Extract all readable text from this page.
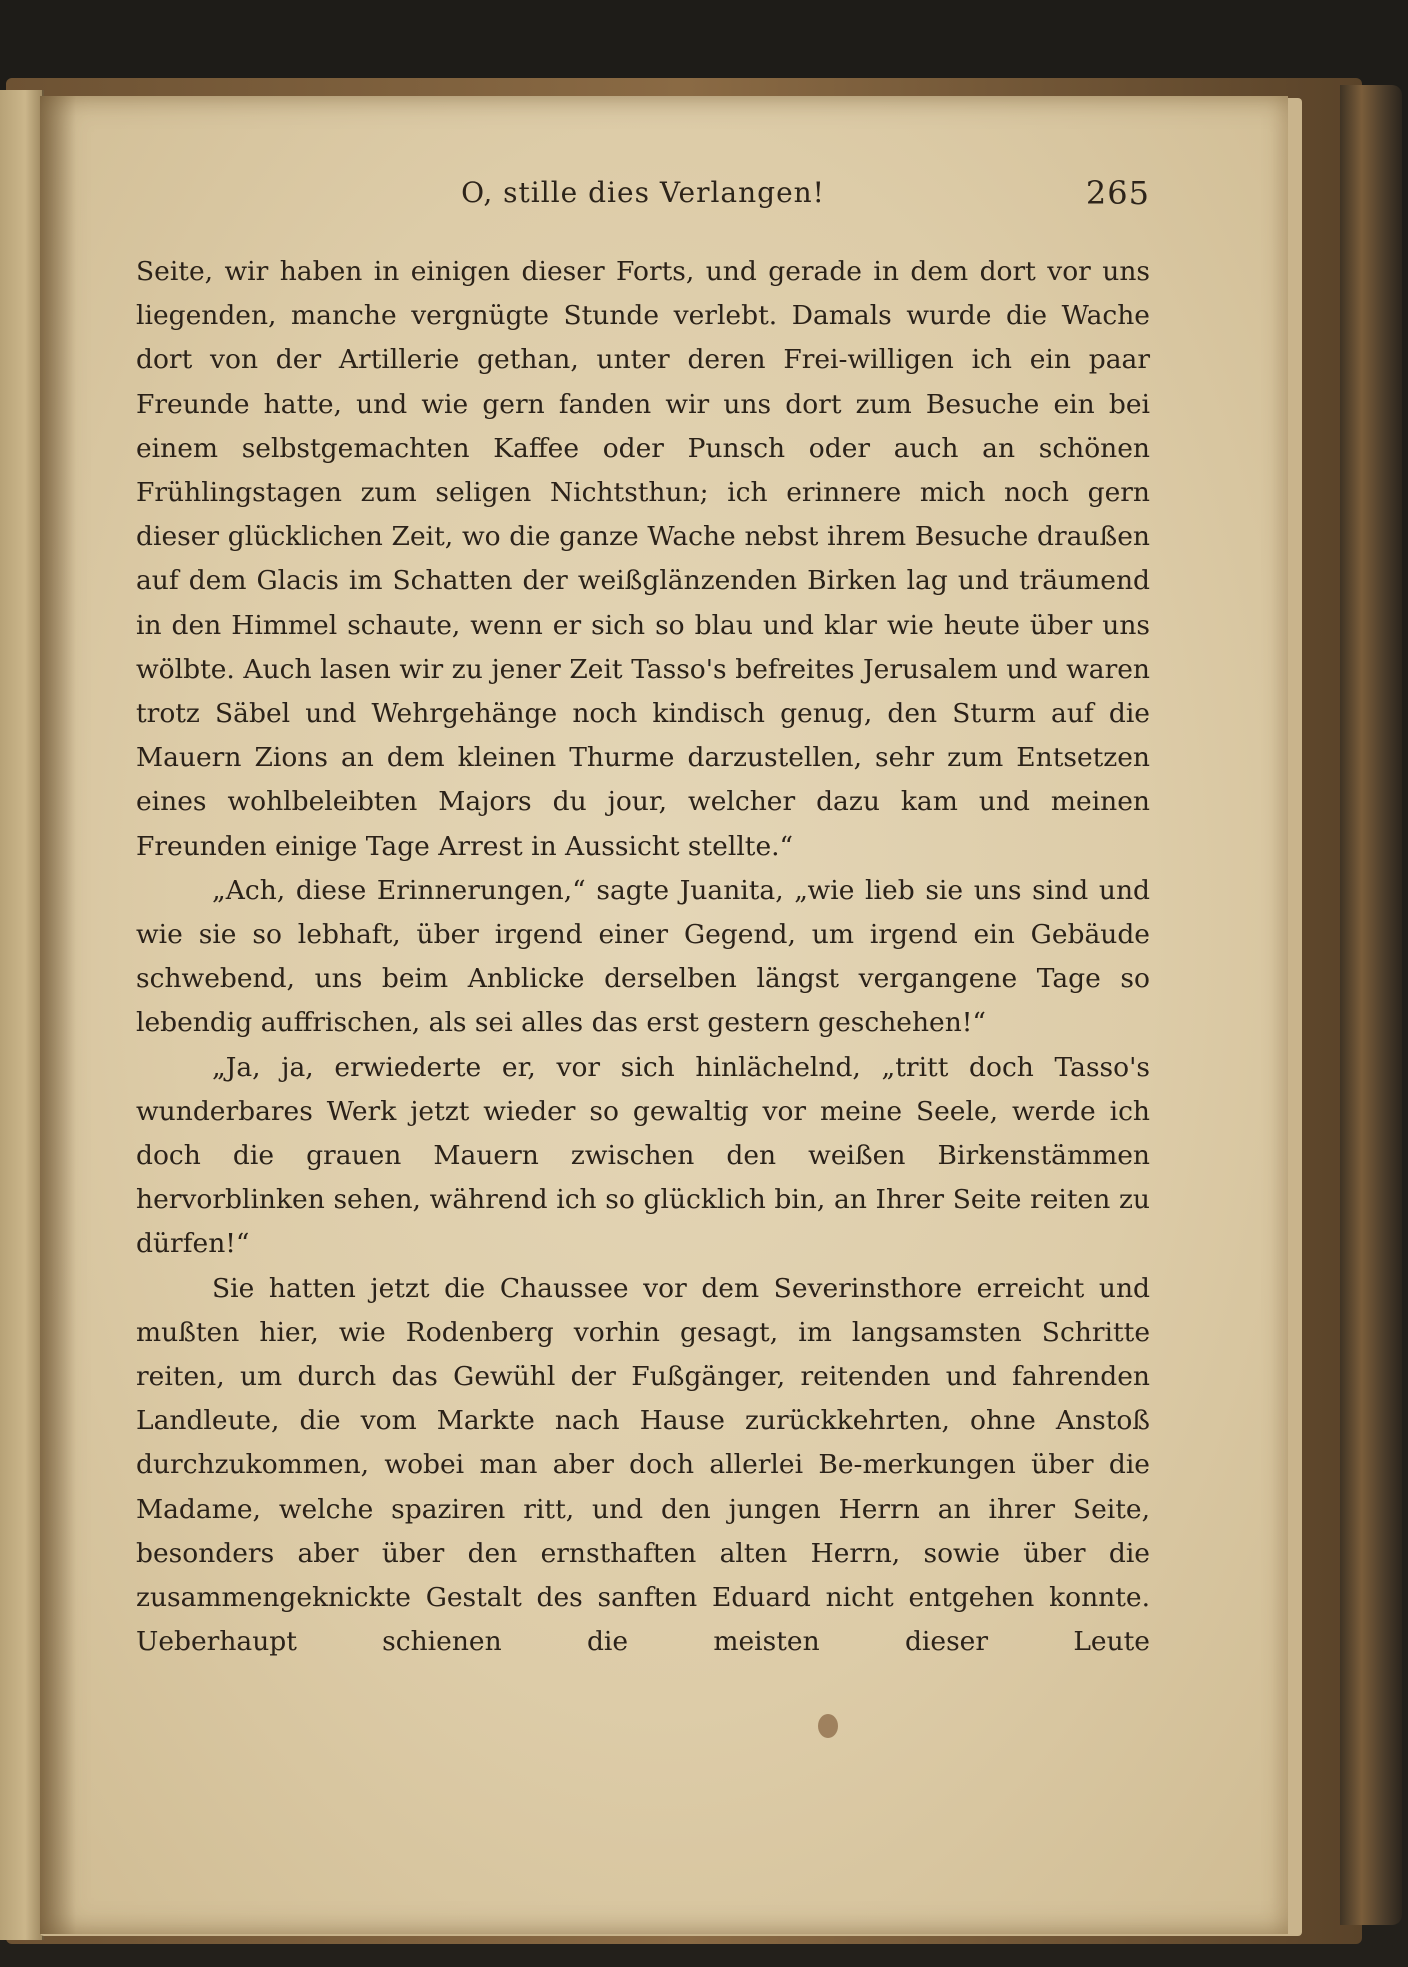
O, stille dies Verlangen!	265

Seite, wir haben in einigen dieser Forts, und gerade in dem dort vor uns liegenden, manche vergnügte Stunde verlebt. Damals wurde die Wache dort von der Artillerie gethan, unter deren Frei-willigen ich ein paar Freunde hatte, und wie gern fanden wir uns dort zum Besuche ein bei einem selbstgemachten Kaffee oder Punsch oder auch an schönen Frühlingstagen zum seligen Nichtsthun; ich erinnere mich noch gern dieser glücklichen Zeit, wo die ganze Wache nebst ihrem Besuche draußen auf dem Glacis im Schatten der weißglänzenden Birken lag und träumend in den Himmel schaute, wenn er sich so blau und klar wie heute über uns wölbte. Auch lasen wir zu jener Zeit Tasso's befreites Jerusalem und waren trotz Säbel und Wehrgehänge noch kindisch genug, den Sturm auf die Mauern Zions an dem kleinen Thurme darzustellen, sehr zum Entsetzen eines wohlbeleibten Majors du jour, welcher dazu kam und meinen Freunden einige Tage Arrest in Aussicht stellte.“

„Ach, diese Erinnerungen,“ sagte Juanita, „wie lieb sie uns sind und wie sie so lebhaft, über irgend einer Gegend, um irgend ein Gebäude schwebend, uns beim Anblicke derselben längst vergangene Tage so lebendig auffrischen, als sei alles das erst gestern geschehen!“

„Ja, ja, erwiederte er, vor sich hinlächelnd, „tritt doch Tasso's wunderbares Werk jetzt wieder so gewaltig vor meine Seele, werde ich doch die grauen Mauern zwischen den weißen Birkenstämmen hervorblinken sehen, während ich so glücklich bin, an Ihrer Seite reiten zu dürfen!“

Sie hatten jetzt die Chaussee vor dem Severinsthore erreicht und mußten hier, wie Rodenberg vorhin gesagt, im langsamsten Schritte reiten, um durch das Gewühl der Fußgänger, reitenden und fahrenden Landleute, die vom Markte nach Hause zurückkehrten, ohne Anstoß durchzukommen, wobei man aber doch allerlei Be-merkungen über die Madame, welche spaziren ritt, und den jungen Herrn an ihrer Seite, besonders aber über den ernsthaften alten Herrn, sowie über die zusammengeknickte Gestalt des sanften Eduard nicht entgehen konnte. Ueberhaupt schienen die meisten dieser Leute
